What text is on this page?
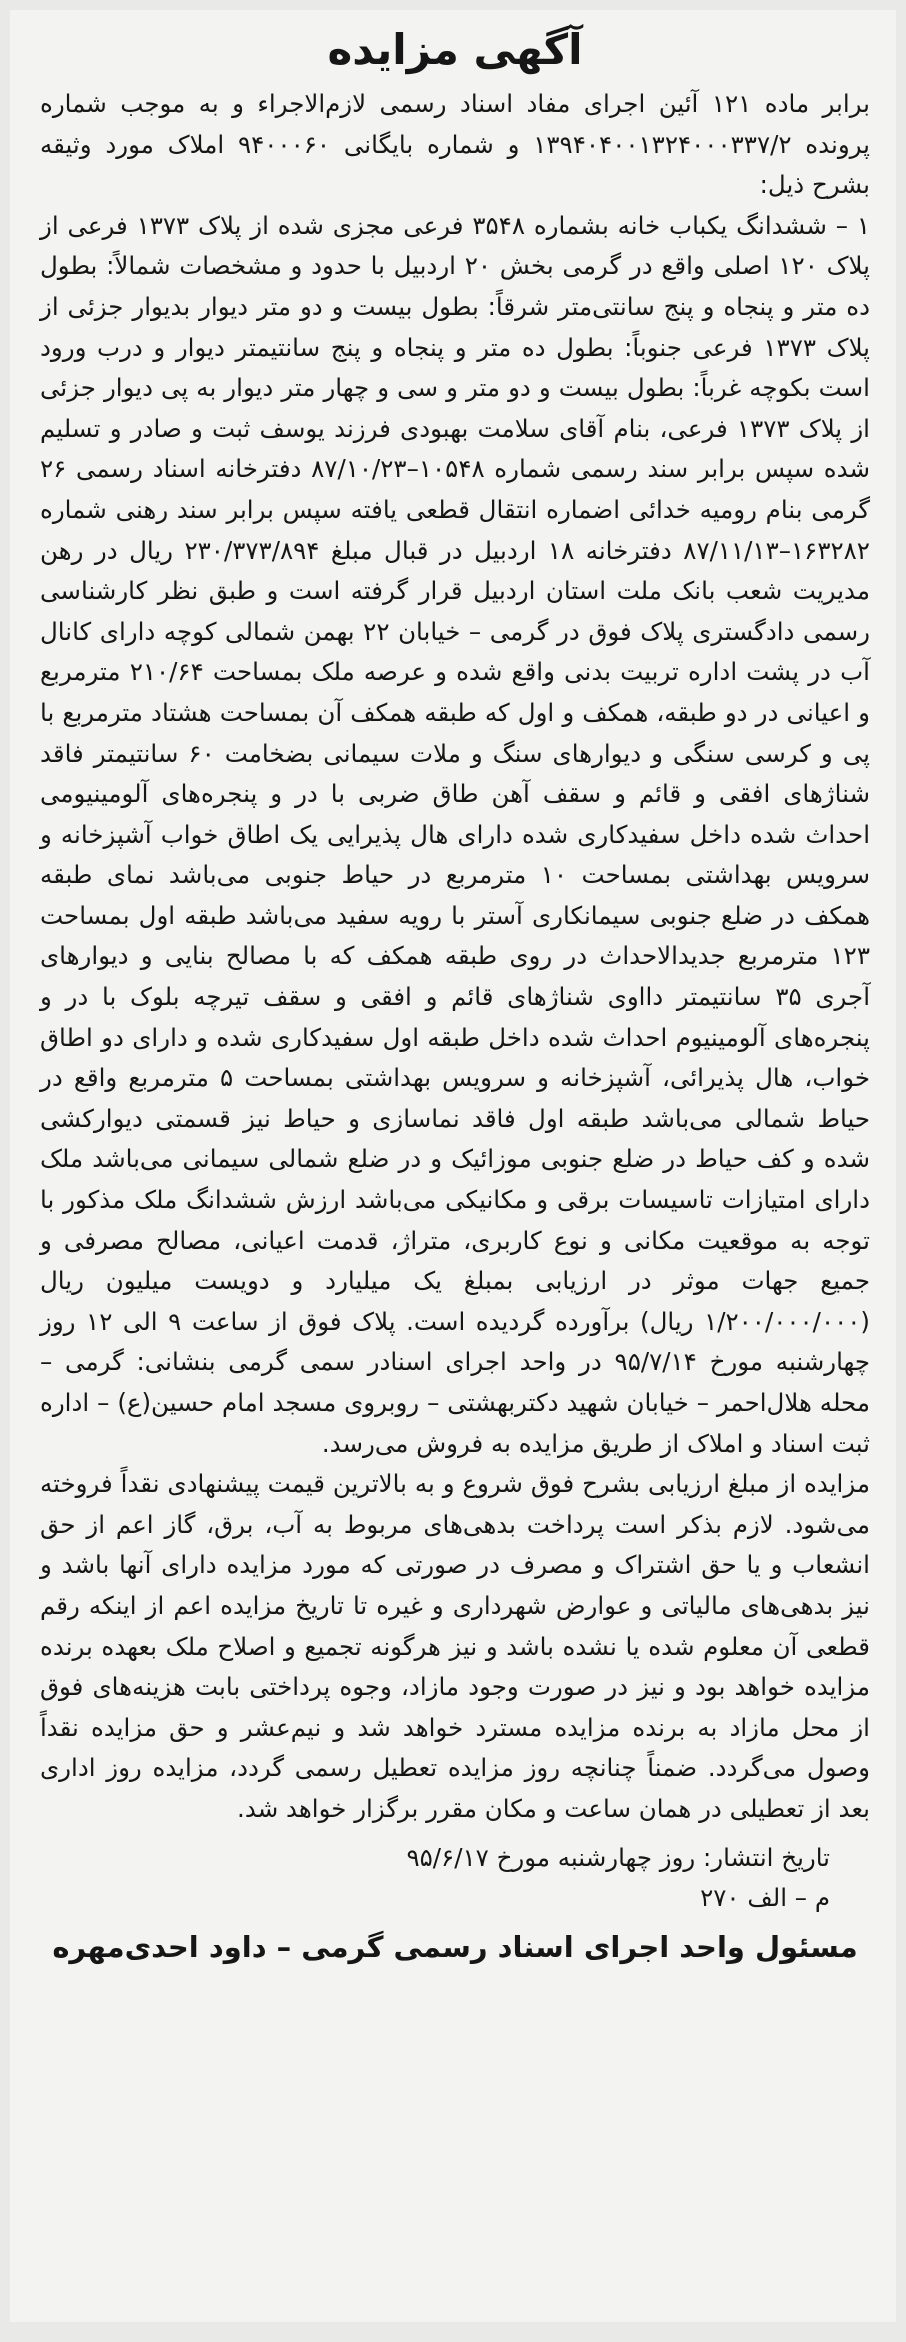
آگهی مزایده

برابر ماده ۱۲۱ آئین اجرای مفاد اسناد رسمی لازم‌الاجراء و به موجب شماره پرونده ۱۳۹۴۰۴۰۰۱۳۲۴۰۰۰۳۳۷/۲ و شماره بایگانی ۹۴۰۰۰۶۰ املاک مورد وثیقه بشرح ذیل:

۱ – ششدانگ یکباب خانه بشماره ۳۵۴۸ فرعی مجزی شده از پلاک ۱۳۷۳ فرعی از پلاک ۱۲۰ اصلی واقع در گرمی بخش ۲۰ اردبیل با حدود و مشخصات شمالاً: بطول ده متر و پنجاه و پنج سانتی‌متر شرقاً: بطول بیست و دو متر دیوار بدیوار جزئی از پلاک ۱۳۷۳ فرعی جنوباً: بطول ده متر و پنجاه و پنج سانتیمتر دیوار و درب ورود است بکوچه غرباً: بطول بیست و دو متر و سی و چهار متر دیوار به پی دیوار جزئی از پلاک ۱۳۷۳ فرعی، بنام آقای سلامت بهبودی فرزند یوسف ثبت و صادر و تسلیم شده سپس برابر سند رسمی شماره ۱۰۵۴۸–۸۷/۱۰/۲۳ دفترخانه اسناد رسمی ۲۶ گرمی بنام رومیه خدائی اضماره انتقال قطعی یافته سپس برابر سند رهنی شماره ۱۶۳۲۸۲–۸۷/۱۱/۱۳ دفترخانه ۱۸ اردبیل در قبال مبلغ ۲۳۰/۳۷۳/۸۹۴ ریال در رهن مدیریت شعب بانک ملت استان اردبیل قرار گرفته است و طبق نظر کارشناسی رسمی دادگستری پلاک فوق در گرمی – خیابان ۲۲ بهمن شمالی کوچه دارای کانال آب در پشت اداره تربیت بدنی واقع شده و عرصه ملک بمساحت ۲۱۰/۶۴ مترمربع و اعیانی در دو طبقه، همکف و اول که طبقه همکف آن بمساحت هشتاد مترمربع با پی و کرسی سنگی و دیوارهای سنگ و ملات سیمانی بضخامت ۶۰ سانتیمتر فاقد شناژهای افقی و قائم و سقف آهن طاق ضربی با در و پنجره‌های آلومینیومی احداث شده داخل سفیدکاری شده دارای هال پذیرایی یک اطاق خواب آشپزخانه و سرویس بهداشتی بمساحت ۱۰ مترمربع در حیاط جنوبی می‌باشد نمای طبقه همکف در ضلع جنوبی سیمانکاری آستر با رویه سفید می‌باشد طبقه اول بمساحت ۱۲۳ مترمربع جدیدالاحداث در روی طبقه همکف که با مصالح بنایی و دیوارهای آجری ۳۵ سانتیمتر دااوی شناژهای قائم و افقی و سقف تیرچه بلوک با در و پنجره‌های آلومینیوم احداث شده داخل طبقه اول سفیدکاری شده و دارای دو اطاق خواب، هال پذیرائی، آشپزخانه و سرویس بهداشتی بمساحت ۵ مترمربع واقع در حیاط شمالی می‌باشد طبقه اول فاقد نماسازی و حیاط نیز قسمتی دیوارکشی شده و کف حیاط در ضلع جنوبی موزائیک و در ضلع شمالی سیمانی می‌باشد ملک دارای امتیازات تاسیسات برقی و مکانیکی می‌باشد ارزش ششدانگ ملک مذکور با توجه به موقعیت مکانی و نوع کاربری، متراژ، قدمت اعیانی، مصالح مصرفی و جمیع جهات موثر در ارزیابی بمبلغ یک میلیارد و دویست میلیون ریال (۱/۲۰۰/۰۰۰/۰۰۰ ریال) برآورده گردیده است. پلاک فوق از ساعت ۹ الی ۱۲ روز چهارشنبه مورخ ۹۵/۷/۱۴ در واحد اجرای اسنادر سمی گرمی بنشانی: گرمی – محله هلال‌احمر – خیابان شهید دکتربهشتی – روبروی مسجد امام حسین(ع) – اداره ثبت اسناد و املاک از طریق مزایده به فروش می‌رسد.

مزایده از مبلغ ارزیابی بشرح فوق شروع و به بالاترین قیمت پیشنهادی نقداً فروخته می‌شود. لازم بذکر است پرداخت بدهی‌های مربوط به آب، برق، گاز اعم از حق انشعاب و یا حق اشتراک و مصرف در صورتی که مورد مزایده دارای آنها باشد و نیز بدهی‌های مالیاتی و عوارض شهرداری و غیره تا تاریخ مزایده اعم از اینکه رقم قطعی آن معلوم شده یا نشده باشد و نیز هرگونه تجمیع و اصلاح ملک بعهده برنده مزایده خواهد بود و نیز در صورت وجود مازاد، وجوه پرداختی بابت هزینه‌های فوق از محل مازاد به برنده مزایده مسترد خواهد شد و نیم‌عشر و حق مزایده نقداً وصول می‌گردد. ضمناً چنانچه روز مزایده تعطیل رسمی گردد، مزایده روز اداری بعد از تعطیلی در همان ساعت و مکان مقرر برگزار خواهد شد.

تاریخ انتشار: روز چهارشنبه مورخ ۹۵/۶/۱۷

م – الف ۲۷۰

مسئول واحد اجرای اسناد رسمی گرمی – داود احدی‌مهره
